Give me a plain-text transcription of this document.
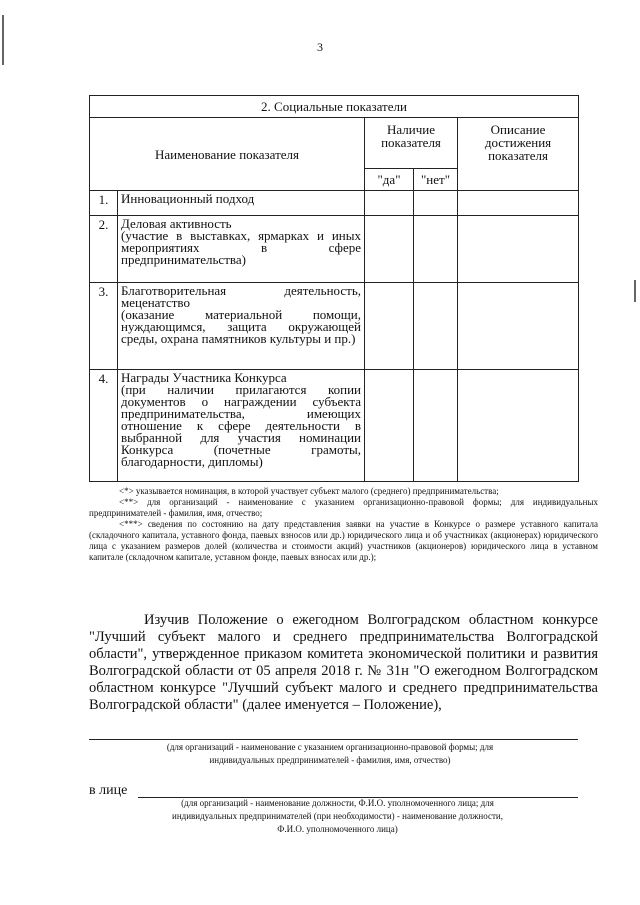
3
2. Социальные показатели				
Наименование показателя		Наличие показателя		Описание достижения показателя
		"да"	"нет"	
1.	Инновационный подход			

2.	Деловая активность
(участие в выставках, ярмарках и иных мероприятиях в сфере предпринимательства)			

3.	Благотворительная деятельность, меценатство
(оказание материальной помощи, нуждающимся, защита окружающей среды, охрана памятников культуры и пр.)			

4.	Награды Участника Конкурса
(при наличии прилагаются копии документов о награждении субъекта предпринимательства, имеющих отношение к сфере деятельности в выбранной для участия номинации Конкурса (почетные грамоты, благодарности, дипломы)			

<*> указывается номинация, в которой участвует субъект малого (среднего) предпринимательства;
<**> для организаций - наименование с указанием организационно-правовой формы; для индивидуальных предпринимателей - фамилия, имя, отчество;
<***> сведения по состоянию на дату представления заявки на участие в Конкурсе о размере уставного капитала (складочного капитала, уставного фонда, паевых взносов или др.) юридического лица и об участниках (акционерах) юридического лица с указанием размеров долей (количества и стоимости акций) участников (акционеров) юридического лица в уставном капитале (складочном капитале, уставном фонде, паевых взносах или др.);
Изучив Положение о ежегодном Волгоградском областном конкурсе "Лучший субъект малого и среднего предпринимательства Волгоградской области", утвержденное приказом комитета экономической политики и развития Волгоградской области от 05 апреля 2018 г. № 31н "О ежегодном Волгоградском областном конкурсе "Лучший субъект малого и среднего предпринимательства Волгоградской области" (далее именуется – Положение),
(для организаций - наименование с указанием организационно-правовой формы; для индивидуальных предпринимателей - фамилия, имя, отчество)
в лице
(для организаций - наименование должности, Ф.И.О. уполномоченного лица; для индивидуальных предпринимателей (при необходимости) - наименование должности, Ф.И.О. уполномоченного лица)
